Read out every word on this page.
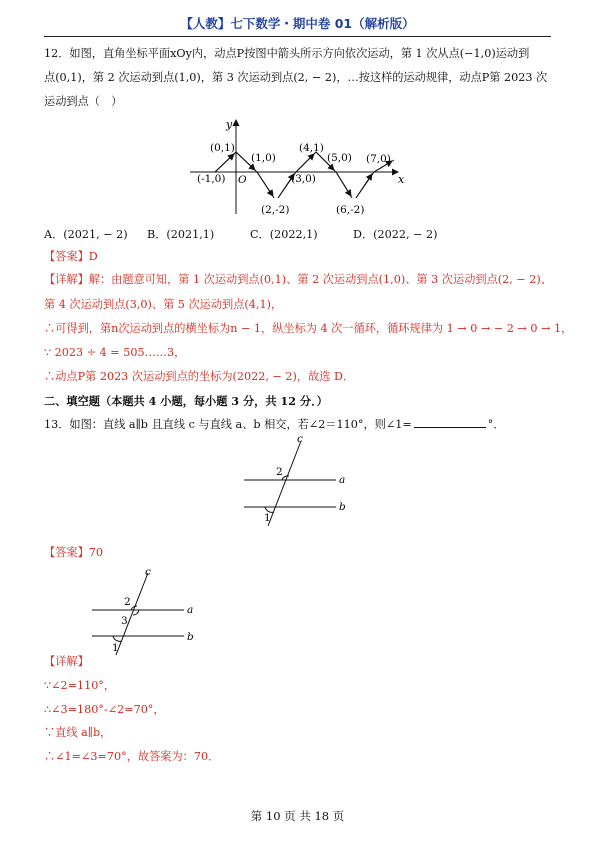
【人教】七下数学・期中卷 01（解析版）
12．如图，直角坐标平面xOy内，动点P按图中箭头所示方向依次运动，第 1 次从点(−1,0)运动到
点(0,1)，第 2 次运动到点(1,0)，第 3 次运动到点(2, − 2)，…按这样的运动规律，动点P第 2023 次
运动到点（　）
y
x
O
(0,1)
(1,0)
(-1,0)	(3,0)
(4,1)
(5,0) (7,0)
(2,-2)	(6,-2)
A．(2021, − 2) B．(2021,1)	C．(2022,1)	D．(2022, − 2)
【答案】D
【详解】解：由题意可知，第 1 次运动到点(0,1)、第 2 次运动到点(1,0)、第 3 次运动到点(2, − 2)、
第 4 次运动到点(3,0)、第 5 次运动到点(4,1)，
∴可得到，第n次运动到点的横坐标为n − 1，纵坐标为 4 次一循环，循环规律为 1 → 0 → − 2 → 0 → 1，
∵ 2023 ÷ 4 = 505……3，
∴动点P第 2023 次运动到点的坐标为(2022, − 2)，故选 D．
二、填空题（本题共 4 小题，每小题 3 分，共 12 分．）
13．如图：直线 a∥b 且直线 c 与直线 a、b 相交，若∠2＝110°，则∠1=	°．
c
a
b
2
1
【答案】70
c
a
b
2
3
1
【详解】
∵∠2=110°，
∴∠3=180°-∠2=70°，
∵直线 a∥b，
∴∠1=∠3=70°，故答案为：70．
第 10 页 共 18 页
